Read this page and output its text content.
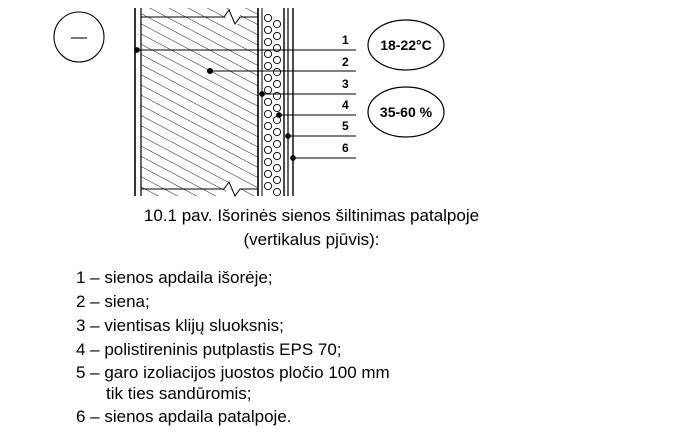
1
2
3
4
5
6
—	18-22°C
35-60 %
10.1 pav. Išorinės sienos šiltinimas patalpoje
(vertikalus pjūvis):
1 – sienos apdaila išorėje;
2 – siena;
3 – vientisas klijų sluoksnis;
4 – polistireninis putplastis EPS 70;
5 – garo izoliacijos juostos pločio 100 mm
tik ties sandūromis;
6 – sienos apdaila patalpoje.
